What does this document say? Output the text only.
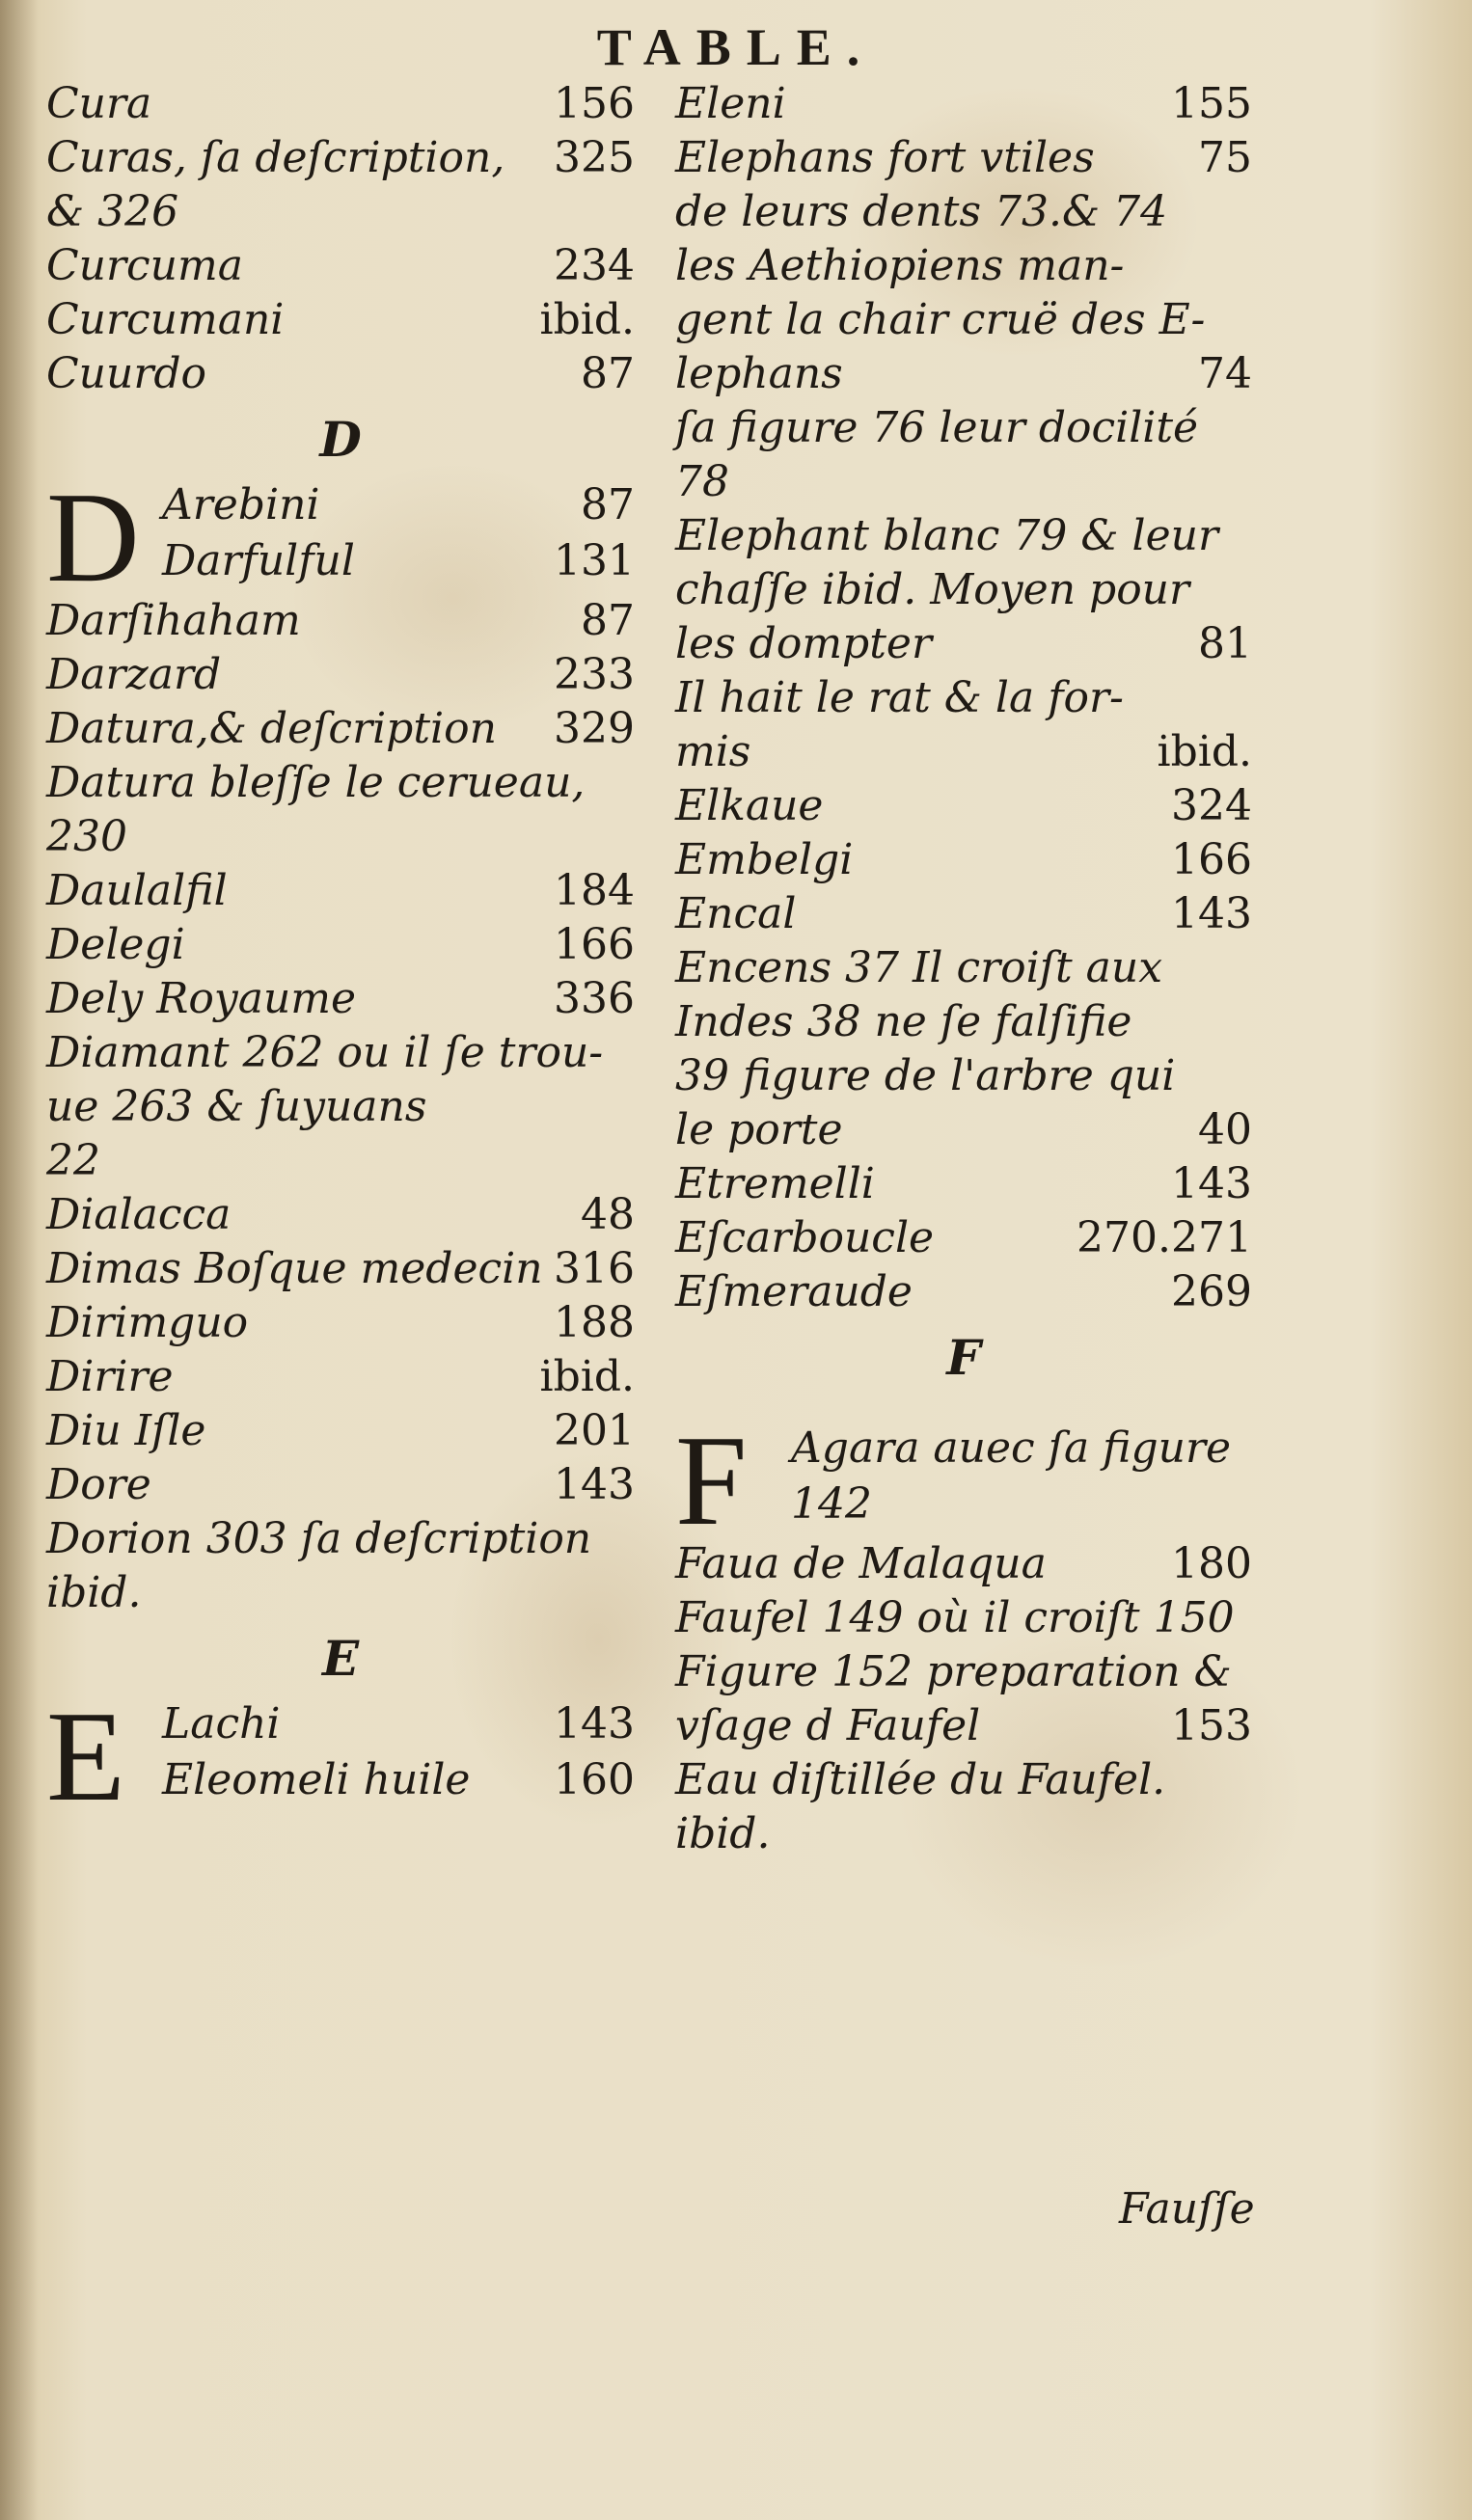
TABLE.
Cura	156
Curas, ſa deſcription, 325
& 326
Curcuma	234
Curcumani	ibid.
Cuurdo	87
D
D Arebini	87
Darfulful	131
Darſihaham	87
Darzard	233
Datura,& deſcription 329
Datura bleſſe le cerueau,
230
Daulalfil	184
Delegi	166
Dely Royaume	336
Diamant 262 ou il ſe trou-
ue 263 & ſuyuans
22
Dialacca	48
Dimas Boſque medecin 316
Dirimguo	188
Dirire	ibid.
Diu Iſle	201
Dore	143
Dorion 303 ſa deſcription
ibid.
E
E Lachi	143
Eleomeli huile 160
Eleni	155
Elephans fort vtiles 75
de leurs dents 73.& 74
les Aethiopiens man-
gent la chair cruë des E-
lephans	74
ſa figure 76 leur docilité
78
Elephant blanc 79 & leur
chaſſe ibid. Moyen pour
les dompter	81
Il hait le rat & la for-
mis	ibid.
Elkaue	324
Embelgi	166
Encal	143
Encens 37 Il croiſt aux
Indes 38 ne ſe falſifie
39 figure de l'arbre qui
le porte	40
Etremelli	143
Eſcarboucle	270.271
Eſmeraude	269
F
F Agara auec ſa figure
142
Faua de Malaqua	180
Faufel 149 où il croiſt 150
Figure 152 preparation &
vſage d Faufel	153
Eau diſtillée du Faufel.
ibid.
Fauſſe
